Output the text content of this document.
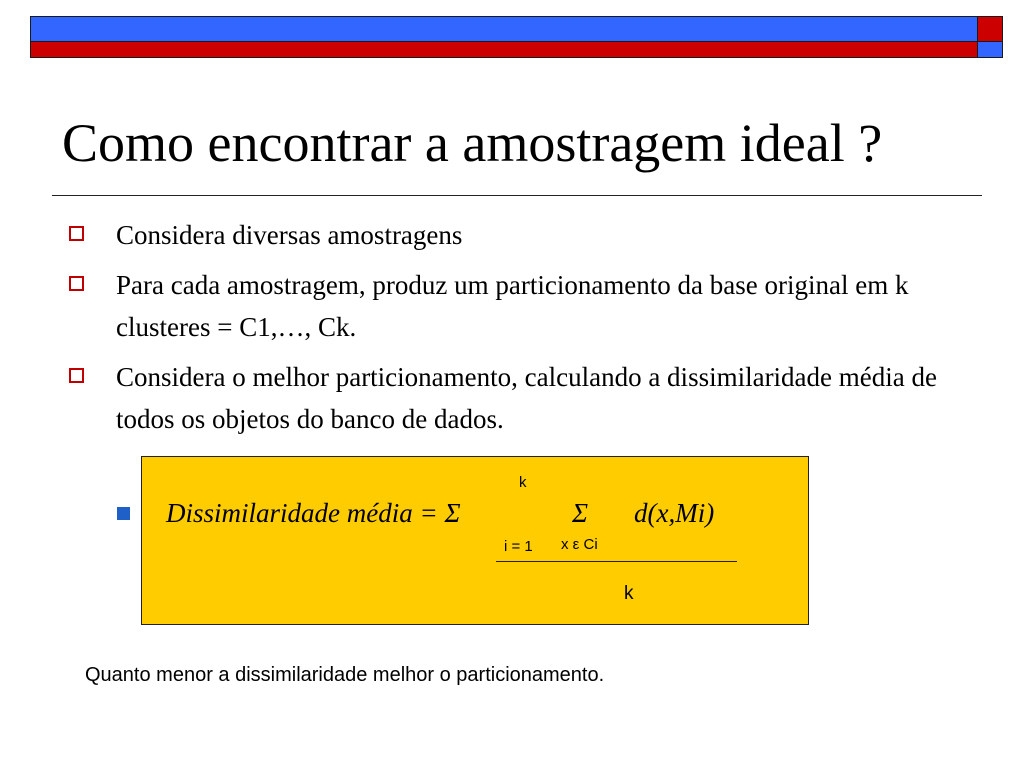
Como encontrar a amostragem ideal ?
Considera diversas amostragens
Para cada amostragem, produz um particionamento da base original em k clusteres = C1,…, Ck.
Considera o melhor particionamento, calculando a dissimilaridade média de todos os objetos do banco de dados.
Dissimilaridade média = Σ	Σ d(x,Mi)
k
i = 1 x ε Ci
k

Quanto menor a dissimilaridade melhor o particionamento.
